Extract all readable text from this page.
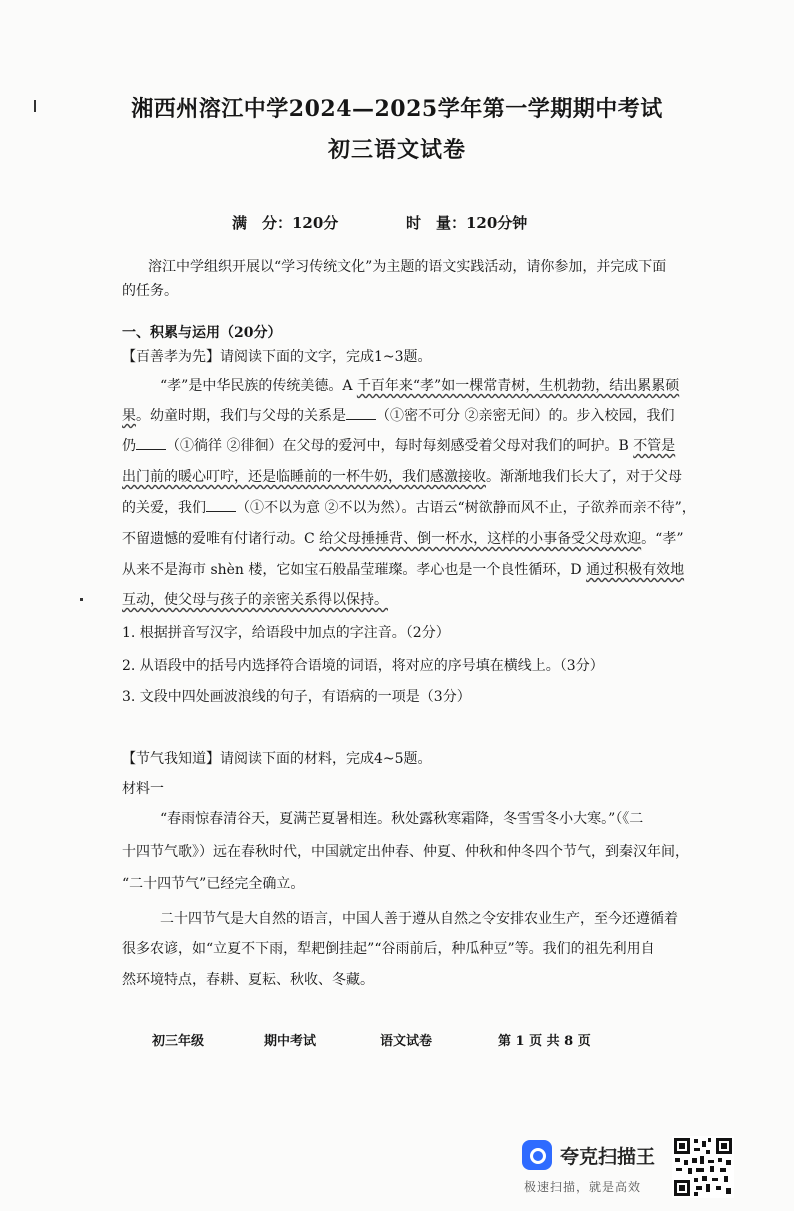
湘西州溶江中学2024—2025学年第一学期期中考试
初三语文试卷
满　分：120分	时　量：120分钟
溶江中学组织开展以“学习传统文化”为主题的语文实践活动，请你参加，并完成下面
的任务。
一、积累与运用（20分）
【百善孝为先】请阅读下面的文字，完成1~3题。
“孝”是中华民族的传统美德。A 千百年来“孝”如一棵常青树，生机勃勃，结出累累硕
果。幼童时期，我们与父母的关系是 （①密不可分 ②亲密无间）的。步入校园，我们
仍 （①徜徉 ②徘徊）在父母的爱河中，每时每刻感受着父母对我们的呵护。B 不管是
出门前的暖心叮咛，还是临睡前的一杯牛奶，我们感激接收。渐渐地我们长大了，对于父母
的关爱，我们 （①不以为意 ②不以为然）。古语云“树欲静而风不止，子欲养而亲不待”，
不留遗憾的爱唯有付诸行动。C 给父母捶捶背、倒一杯水，这样的小事备受父母欢迎。“孝”
从来不是海市 shèn 楼，它如宝石般晶莹璀璨。孝心也是一个良性循环，D 通过积极有效地
互动，使父母与孩子的亲密关系得以保持。
1. 根据拼音写汉字，给语段中加点的字注音。（2分）
2. 从语段中的括号内选择符合语境的词语，将对应的序号填在横线上。（3分）
3. 文段中四处画波浪线的句子，有语病的一项是（3分）
【节气我知道】请阅读下面的材料，完成4~5题。
材料一
“春雨惊春清谷天，夏满芒夏暑相连。秋处露秋寒霜降，冬雪雪冬小大寒。”（《二
十四节气歌》）远在春秋时代，中国就定出仲春、仲夏、仲秋和仲冬四个节气，到秦汉年间，
“二十四节气”已经完全确立。
二十四节气是大自然的语言，中国人善于遵从自然之令安排农业生产，至今还遵循着
很多农谚，如“立夏不下雨，犁耙倒挂起”“谷雨前后，种瓜种豆”等。我们的祖先利用自
然环境特点，春耕、夏耘、秋收、冬藏。
初三年级	期中考试	语文试卷	第 1 页 共 8 页
夸克扫描王
极速扫描，就是高效
